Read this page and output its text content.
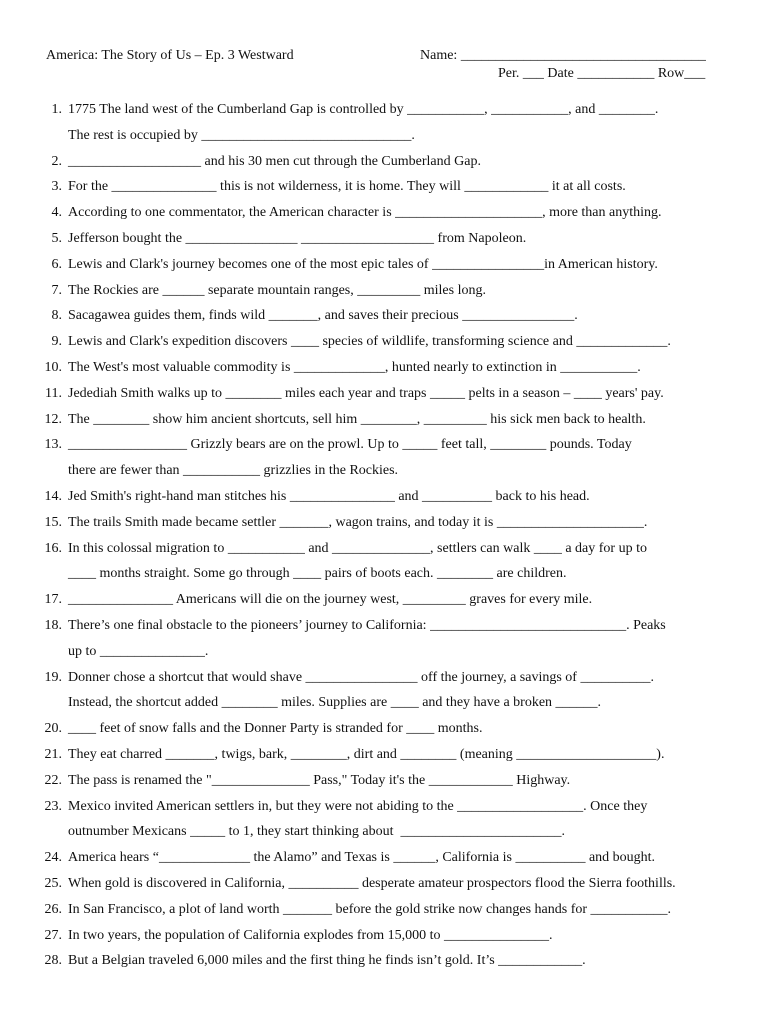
America: The Story of Us – Ep. 3 Westward	Name: ___________________________________
Per. ___ Date ___________ Row___
1. 1775 The land west of the Cumberland Gap is controlled by ___________, ___________, and ________.
The rest is occupied by ______________________________.
2. ___________________ and his 30 men cut through the Cumberland Gap.
3. For the _______________ this is not wilderness, it is home. They will ____________ it at all costs.
4. According to one commentator, the American character is _____________________, more than anything.
5. Jefferson bought the ________________ ___________________ from Napoleon.
6. Lewis and Clark's journey becomes one of the most epic tales of ________________in American history.
7. The Rockies are ______ separate mountain ranges, _________ miles long.
8. Sacagawea guides them, finds wild _______, and saves their precious ________________.
9. Lewis and Clark's expedition discovers ____ species of wildlife, transforming science and _____________.
10. The West's most valuable commodity is _____________, hunted nearly to extinction in ___________.
11. Jedediah Smith walks up to ________ miles each year and traps _____ pelts in a season – ____ years' pay.
12. The ________ show him ancient shortcuts, sell him ________, _________ his sick men back to health.
13. _________________ Grizzly bears are on the prowl. Up to _____ feet tall, ________ pounds. Today
there are fewer than ___________ grizzlies in the Rockies.
14. Jed Smith's right-hand man stitches his _______________ and __________ back to his head.
15. The trails Smith made became settler _______, wagon trains, and today it is _____________________.
16. In this colossal migration to ___________ and ______________, settlers can walk ____ a day for up to
____ months straight. Some go through ____ pairs of boots each. ________ are children.
17. _______________ Americans will die on the journey west, _________ graves for every mile.
18. There’s one final obstacle to the pioneers’ journey to California: ____________________________. Peaks
up to _______________.
19. Donner chose a shortcut that would shave ________________ off the journey, a savings of __________.
Instead, the shortcut added ________ miles. Supplies are ____ and they have a broken ______.
20. ____ feet of snow falls and the Donner Party is stranded for ____ months.
21. They eat charred _______, twigs, bark, ________, dirt and ________ (meaning ____________________).
22. The pass is renamed the "______________ Pass," Today it's the ____________ Highway.
23. Mexico invited American settlers in, but they were not abiding to the __________________. Once they
outnumber Mexicans _____ to 1, they start thinking about  _______________________.
24. America hears “_____________ the Alamo” and Texas is ______, California is __________ and bought.
25. When gold is discovered in California, __________ desperate amateur prospectors flood the Sierra foothills.
26. In San Francisco, a plot of land worth _______ before the gold strike now changes hands for ___________.
27. In two years, the population of California explodes from 15,000 to _______________.
28. But a Belgian traveled 6,000 miles and the first thing he finds isn’t gold. It’s ____________.
